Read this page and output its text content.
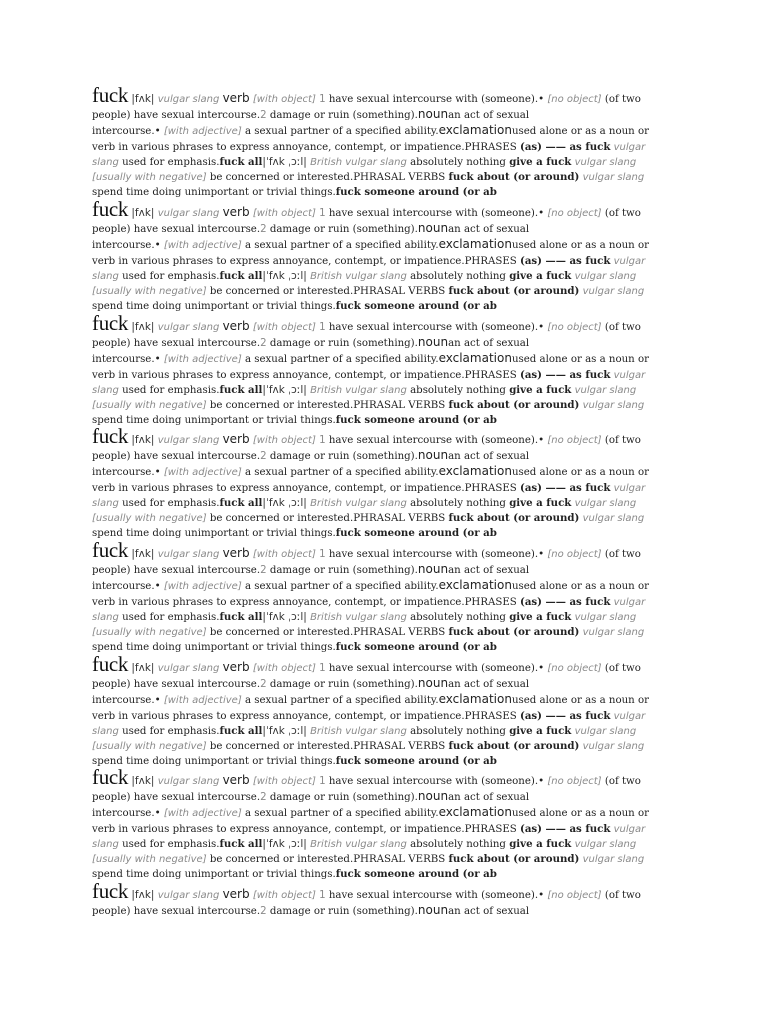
fuck |fʌk| vulgar slang verb [with object] 1 have sexual intercourse with (someone).• [no object] (of two
people) have sexual intercourse.2 damage or ruin (something).nounan act of sexual
intercourse.• [with adjective] a sexual partner of a specified ability.exclamationused alone or as a noun or
verb in various phrases to express annoyance, contempt, or impatience.PHRASES (as) —— as fuck vulgar slang used for emphasis.fuck all|ˈfʌk ˌɔːl| British vulgar slang absolutely nothing give a fuck vulgar slang [usually with negative] be concerned or interested.PHRASAL VERBS fuck about (or around) vulgar slang spend time doing unimportant or trivial things.fuck someone around (or ab
fuck |fʌk| vulgar slang verb [with object] 1 have sexual intercourse with (someone).• [no object] (of two
people) have sexual intercourse.2 damage or ruin (something).nounan act of sexual
intercourse.• [with adjective] a sexual partner of a specified ability.exclamationused alone or as a noun or
verb in various phrases to express annoyance, contempt, or impatience.PHRASES (as) —— as fuck vulgar slang used for emphasis.fuck all|ˈfʌk ˌɔːl| British vulgar slang absolutely nothing give a fuck vulgar slang [usually with negative] be concerned or interested.PHRASAL VERBS fuck about (or around) vulgar slang spend time doing unimportant or trivial things.fuck someone around (or ab
fuck |fʌk| vulgar slang verb [with object] 1 have sexual intercourse with (someone).• [no object] (of two
people) have sexual intercourse.2 damage or ruin (something).nounan act of sexual
intercourse.• [with adjective] a sexual partner of a specified ability.exclamationused alone or as a noun or
verb in various phrases to express annoyance, contempt, or impatience.PHRASES (as) —— as fuck vulgar slang used for emphasis.fuck all|ˈfʌk ˌɔːl| British vulgar slang absolutely nothing give a fuck vulgar slang [usually with negative] be concerned or interested.PHRASAL VERBS fuck about (or around) vulgar slang spend time doing unimportant or trivial things.fuck someone around (or ab
fuck |fʌk| vulgar slang verb [with object] 1 have sexual intercourse with (someone).• [no object] (of two
people) have sexual intercourse.2 damage or ruin (something).nounan act of sexual
intercourse.• [with adjective] a sexual partner of a specified ability.exclamationused alone or as a noun or
verb in various phrases to express annoyance, contempt, or impatience.PHRASES (as) —— as fuck vulgar slang used for emphasis.fuck all|ˈfʌk ˌɔːl| British vulgar slang absolutely nothing give a fuck vulgar slang [usually with negative] be concerned or interested.PHRASAL VERBS fuck about (or around) vulgar slang spend time doing unimportant or trivial things.fuck someone around (or ab
fuck |fʌk| vulgar slang verb [with object] 1 have sexual intercourse with (someone).• [no object] (of two
people) have sexual intercourse.2 damage or ruin (something).nounan act of sexual
intercourse.• [with adjective] a sexual partner of a specified ability.exclamationused alone or as a noun or
verb in various phrases to express annoyance, contempt, or impatience.PHRASES (as) —— as fuck vulgar slang used for emphasis.fuck all|ˈfʌk ˌɔːl| British vulgar slang absolutely nothing give a fuck vulgar slang [usually with negative] be concerned or interested.PHRASAL VERBS fuck about (or around) vulgar slang spend time doing unimportant or trivial things.fuck someone around (or ab
fuck |fʌk| vulgar slang verb [with object] 1 have sexual intercourse with (someone).• [no object] (of two
people) have sexual intercourse.2 damage or ruin (something).nounan act of sexual
intercourse.• [with adjective] a sexual partner of a specified ability.exclamationused alone or as a noun or
verb in various phrases to express annoyance, contempt, or impatience.PHRASES (as) —— as fuck vulgar slang used for emphasis.fuck all|ˈfʌk ˌɔːl| British vulgar slang absolutely nothing give a fuck vulgar slang [usually with negative] be concerned or interested.PHRASAL VERBS fuck about (or around) vulgar slang spend time doing unimportant or trivial things.fuck someone around (or ab
fuck |fʌk| vulgar slang verb [with object] 1 have sexual intercourse with (someone).• [no object] (of two
people) have sexual intercourse.2 damage or ruin (something).nounan act of sexual
intercourse.• [with adjective] a sexual partner of a specified ability.exclamationused alone or as a noun or
verb in various phrases to express annoyance, contempt, or impatience.PHRASES (as) —— as fuck vulgar slang used for emphasis.fuck all|ˈfʌk ˌɔːl| British vulgar slang absolutely nothing give a fuck vulgar slang [usually with negative] be concerned or interested.PHRASAL VERBS fuck about (or around) vulgar slang spend time doing unimportant or trivial things.fuck someone around (or ab
fuck |fʌk| vulgar slang verb [with object] 1 have sexual intercourse with (someone).• [no object] (of two
people) have sexual intercourse.2 damage or ruin (something).nounan act of sexual
